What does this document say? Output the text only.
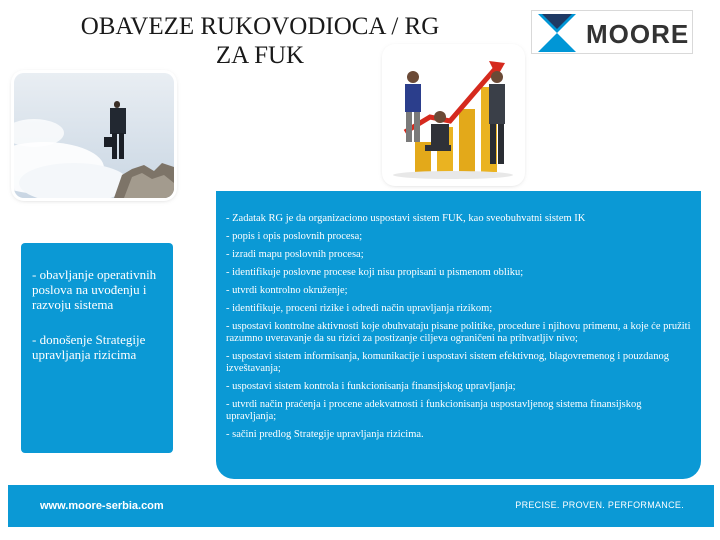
OBAVEZE RUKOVODIOCA / RG
ZA FUK
MOORE

- obavljanje operativnih poslova na uvođenju i razvoju sistema

- donošenje Strategije upravljanja rizicima

- Zadatak RG je da organizaciono uspostavi sistem FUK, kao sveobuhvatni sistem IK

- popis i opis poslovnih procesa;

- izradi mapu poslovnih procesa;

- identifikuje poslovne procese koji nisu propisani u pismenom obliku;

- utvrdi kontrolno okruženje;

- identifikuje, proceni rizike i odredi način upravljanja rizikom;

- uspostavi kontrolne aktivnosti koje obuhvataju pisane politike, procedure i njihovu primenu, a koje će pružiti razumno uveravanje da su rizici za postizanje ciljeva ograničeni na prihvatljiv nivo;

- uspostavi sistem informisanja, komunikacije i uspostavi sistem efektivnog, blagovremenog i pouzdanog izveštavanja;

- uspostavi sistem kontrola i funkcionisanja finansijskog upravljanja;

- utvrdi način praćenja i procene adekvatnosti i funkcionisanja uspostavljenog sistema finansijskog upravljanja;

- sačini predlog Strategije upravljanja rizicima.

www.moore-serbia.com	PRECISE. PROVEN. PERFORMANCE.
